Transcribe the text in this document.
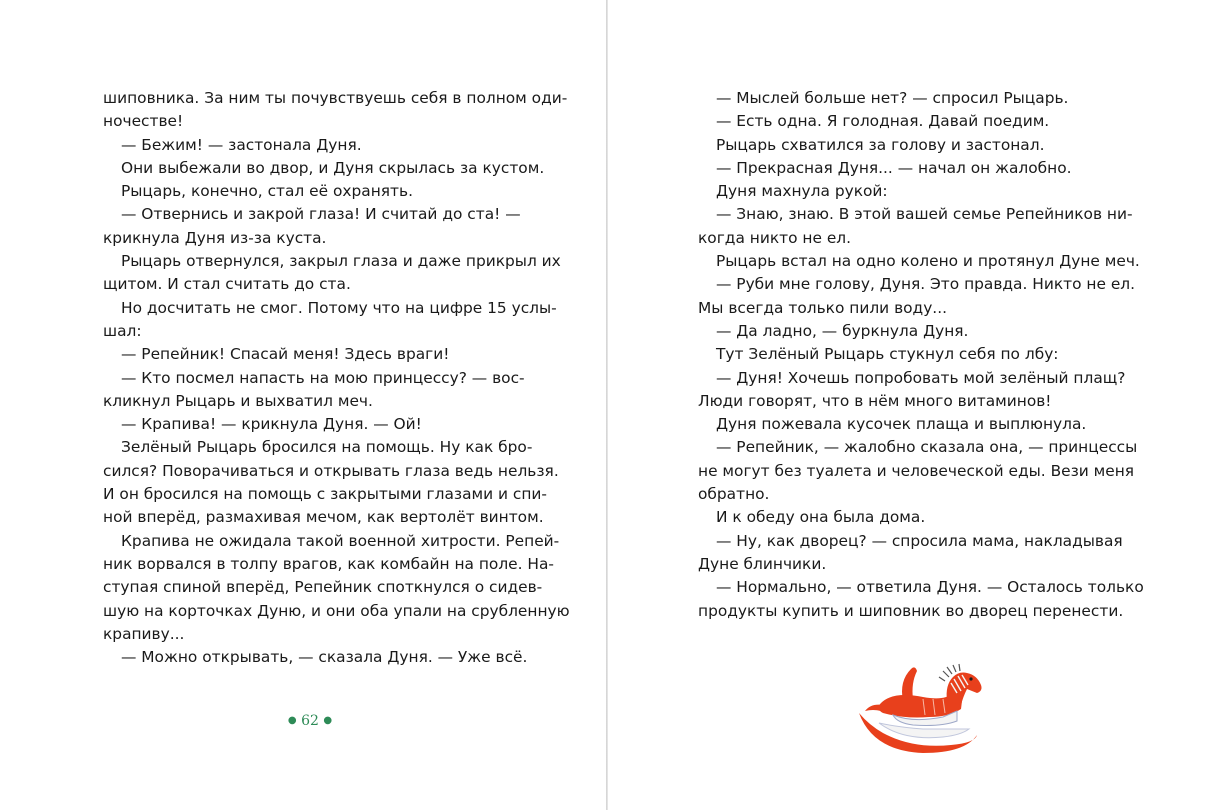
шиповника. За ним ты почувствуешь себя в полном оди-
ночестве!
— Бежим! — застонала Дуня.
Они выбежали во двор, и Дуня скрылась за кустом.
Рыцарь, конечно, стал её охранять.
— Отвернись и закрой глаза! И считай до ста! —
крикнула Дуня из-за куста.
Рыцарь отвернулся, закрыл глаза и даже прикрыл их
щитом. И стал считать до ста.
Но досчитать не смог. Потому что на цифре 15 услы-
шал:
— Репейник! Спасай меня! Здесь враги!
— Кто посмел напасть на мою принцессу? — вос-
кликнул Рыцарь и выхватил меч.
— Крапива! — крикнула Дуня. — Ой!
Зелёный Рыцарь бросился на помощь. Ну как бро-
сился? Поворачиваться и открывать глаза ведь нельзя.
И он бросился на помощь с закрытыми глазами и спи-
ной вперёд, размахивая мечом, как вертолёт винтом.
Крапива не ожидала такой военной хитрости. Репей-
ник ворвался в толпу врагов, как комбайн на поле. На-
ступая спиной вперёд, Репейник споткнулся о сидев-
шую на корточках Дуню, и они оба упали на срубленную
крапиву...
— Можно открывать, — сказала Дуня. — Уже всё.
— Мыслей больше нет? — спросил Рыцарь.
— Есть одна. Я голодная. Давай поедим.
Рыцарь схватился за голову и застонал.
— Прекрасная Дуня... — начал он жалобно.
Дуня махнула рукой:
— Знаю, знаю. В этой вашей семье Репейников ни-
когда никто не ел.
Рыцарь встал на одно колено и протянул Дуне меч.
— Руби мне голову, Дуня. Это правда. Никто не ел.
Мы всегда только пили воду...
— Да ладно, — буркнула Дуня.
Тут Зелёный Рыцарь стукнул себя по лбу:
— Дуня! Хочешь попробовать мой зелёный плащ?
Люди говорят, что в нём много витаминов!
Дуня пожевала кусочек плаща и выплюнула.
— Репейник, — жалобно сказала она, — принцессы
не могут без туалета и человеческой еды. Вези меня
обратно.
И к обеду она была дома.
— Ну, как дворец? — спросила мама, накладывая
Дуне блинчики.
— Нормально, — ответила Дуня. — Осталось только
продукты купить и шиповник во дворец перенести.
● 62 ●
